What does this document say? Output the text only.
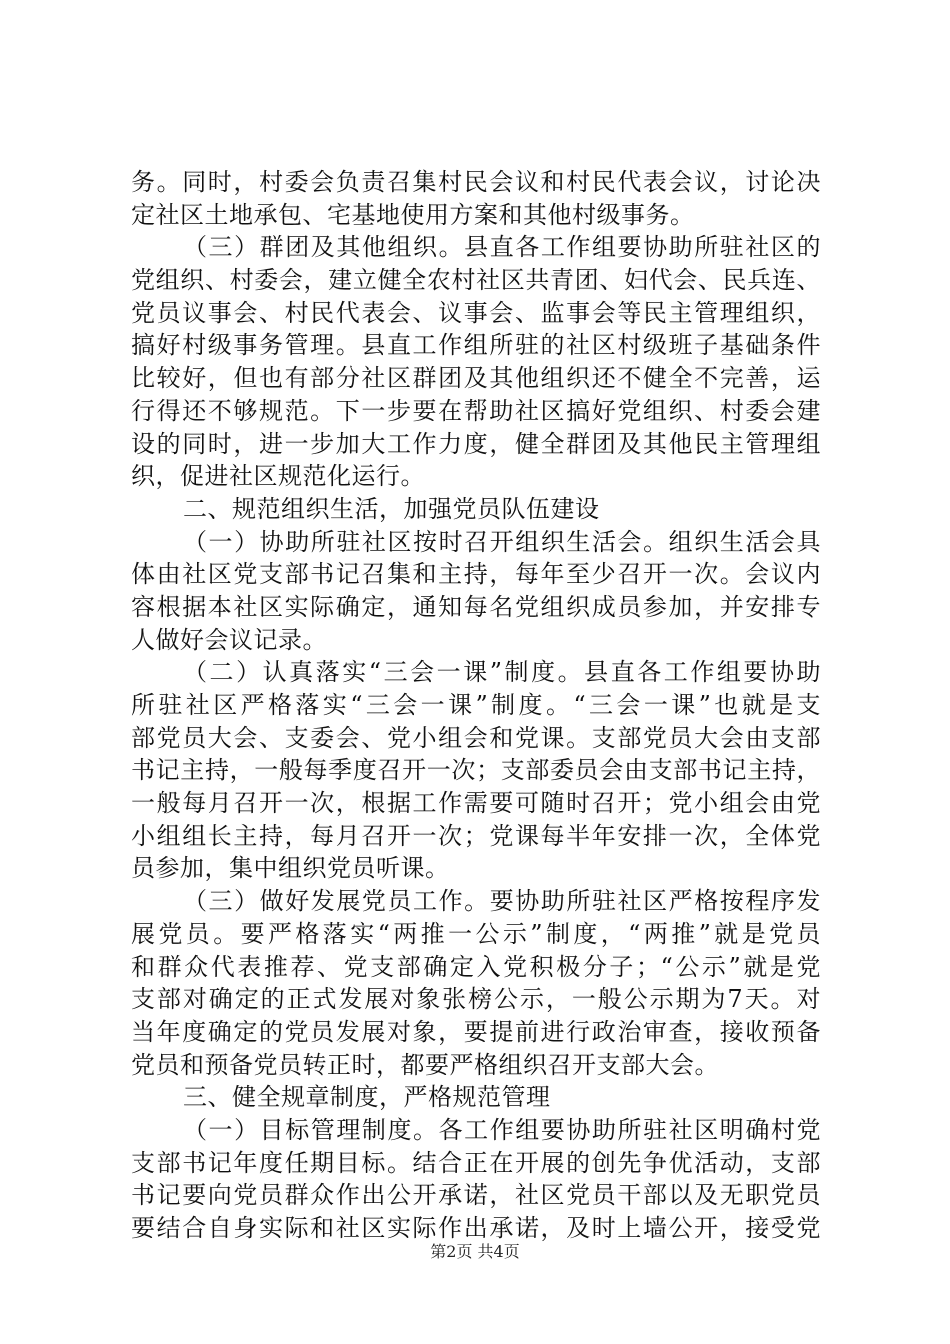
务。同时，村委会负责召集村民会议和村民代表会议，讨论决
定社区土地承包、宅基地使用方案和其他村级事务。
（三）群团及其他组织。县直各工作组要协助所驻社区的
党组织、村委会，建立健全农村社区共青团、妇代会、民兵连、
党员议事会、村民代表会、议事会、监事会等民主管理组织，
搞好村级事务管理。县直工作组所驻的社区村级班子基础条件
比较好，但也有部分社区群团及其他组织还不健全不完善，运
行得还不够规范。下一步要在帮助社区搞好党组织、村委会建
设的同时，进一步加大工作力度，健全群团及其他民主管理组
织，促进社区规范化运行。
二、规范组织生活，加强党员队伍建设
（一）协助所驻社区按时召开组织生活会。组织生活会具
体由社区党支部书记召集和主持，每年至少召开一次。会议内
容根据本社区实际确定，通知每名党组织成员参加，并安排专
人做好会议记录。
（二）认真落实“三会一课”制度。县直各工作组要协助
所驻社区严格落实“三会一课”制度。“三会一课”也就是支
部党员大会、支委会、党小组会和党课。支部党员大会由支部
书记主持，一般每季度召开一次；支部委员会由支部书记主持，
一般每月召开一次，根据工作需要可随时召开；党小组会由党
小组组长主持，每月召开一次；党课每半年安排一次，全体党
员参加，集中组织党员听课。
（三）做好发展党员工作。要协助所驻社区严格按程序发
展党员。要严格落实“两推一公示”制度，“两推”就是党员
和群众代表推荐、党支部确定入党积极分子；“公示”就是党
支部对确定的正式发展对象张榜公示，一般公示期为7天。对
当年度确定的党员发展对象，要提前进行政治审查，接收预备
党员和预备党员转正时，都要严格组织召开支部大会。
三、健全规章制度，严格规范管理
（一）目标管理制度。各工作组要协助所驻社区明确村党
支部书记年度任期目标。结合正在开展的创先争优活动，支部
书记要向党员群众作出公开承诺，社区党员干部以及无职党员
要结合自身实际和社区实际作出承诺，及时上墙公开，接受党
第2页 共4页
